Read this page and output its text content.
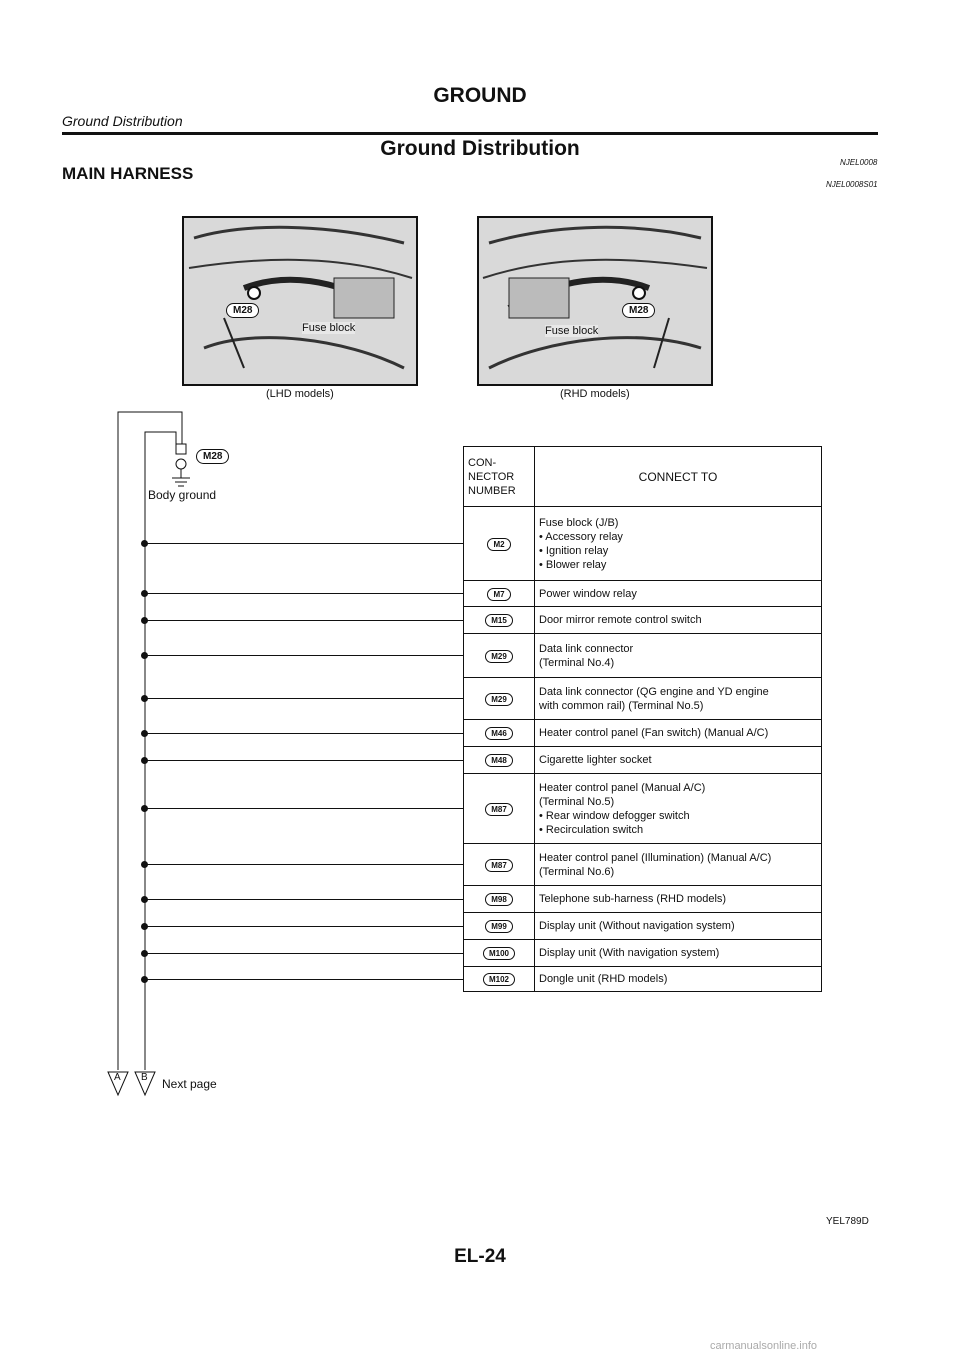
GROUND
Ground Distribution
Ground Distribution
NJEL0008
MAIN HARNESS
NJEL0008S01
M28
Fuse block
(LHD models)
M28
Fuse block
(RHD models)
M28
Body ground
A B Next page
CON-
NECTOR
NUMBER	CONNECT TO
M2	Fuse block (J/B)
• Accessory relay
• Ignition relay
• Blower relay
M7	Power window relay
M15	Door mirror remote control switch
M29	Data link connector
(Terminal No.4)
M29	Data link connector (QG engine and YD engine
with common rail) (Terminal No.5)
M46	Heater control panel (Fan switch) (Manual A/C)
M48	Cigarette lighter socket
M87	Heater control panel (Manual A/C)
(Terminal No.5)
• Rear window defogger switch
• Recirculation switch
M87	Heater control panel (Illumination) (Manual A/C)
(Terminal No.6)
M98	Telephone sub-harness (RHD models)
M99	Display unit (Without navigation system)
M100	Display unit (With navigation system)
M102	Dongle unit (RHD models)
YEL789D
EL-24
carmanualsonline.info
